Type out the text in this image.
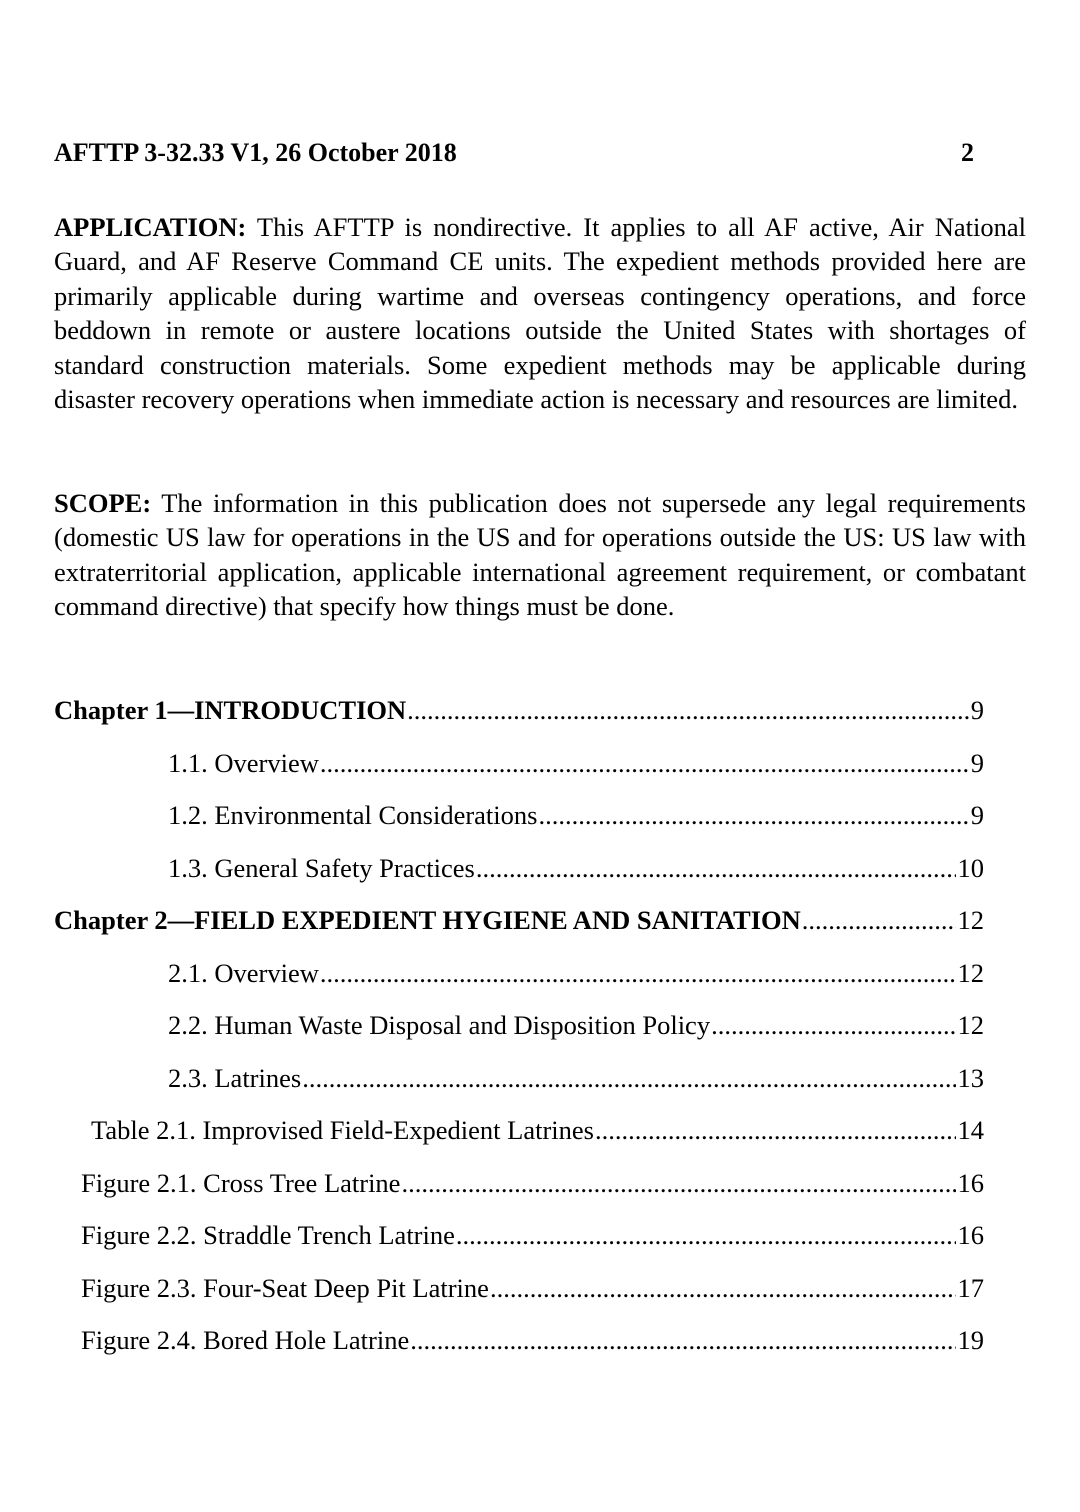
AFTTP 3-32.33 V1, 26 October 2018	2

APPLICATION: This AFTTP is nondirective. It applies to all AF active, Air National Guard, and AF Reserve Command CE units. The expedient methods provided here are primarily applicable during wartime and overseas contingency operations, and force beddown in remote or austere locations outside the United States with shortages of standard construction materials. Some expedient methods may be applicable during disaster recovery operations when immediate action is necessary and resources are limited.

SCOPE: The information in this publication does not supersede any legal requirements (domestic US law for operations in the US and for operations outside the US: US law with extraterritorial application, applicable international agreement requirement, or combatant command directive) that specify how things must be done.

Chapter 1—INTRODUCTION .....	9
1.1. Overview .....	9
1.2. Environmental Considerations .....	9
1.3. General Safety Practices .....	10
Chapter 2—FIELD EXPEDIENT HYGIENE AND SANITATION .....	12
2.1. Overview .....	12
2.2. Human Waste Disposal and Disposition Policy .....	12
2.3. Latrines .....	13
Table 2.1. Improvised Field-Expedient Latrines .....	14
Figure 2.1. Cross Tree Latrine .....	16
Figure 2.2. Straddle Trench Latrine .....	16
Figure 2.3. Four-Seat Deep Pit Latrine .....	17
Figure 2.4. Bored Hole Latrine .....	19
